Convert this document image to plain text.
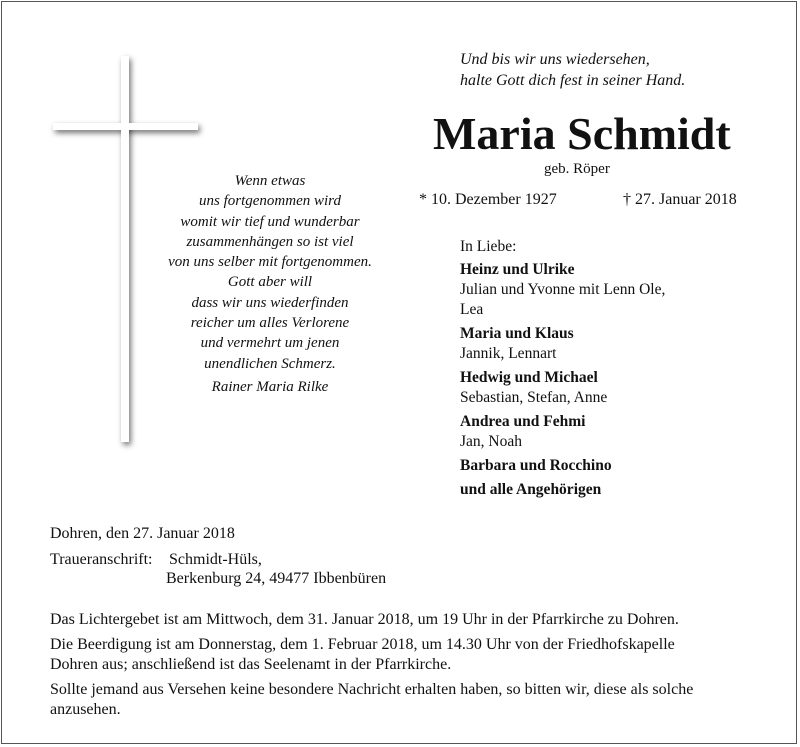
Wenn etwas
uns fortgenommen wird
womit wir tief und wunderbar
zusammenhängen so ist viel
von uns selber mit fortgenommen.
Gott aber will
dass wir uns wiederfinden
reicher um alles Verlorene
und vermehrt um jenen
unendlichen Schmerz.
Rainer Maria Rilke
Und bis wir uns wiedersehen,
halte Gott dich fest in seiner Hand.
Maria Schmidt
geb. Röper
* 10. Dezember 1927	† 27. Januar 2018
In Liebe:
Heinz und Ulrike
Julian und Yvonne mit Lenn Ole,
Lea
Maria und Klaus
Jannik, Lennart
Hedwig und Michael
Sebastian, Stefan, Anne
Andrea und Fehmi
Jan, Noah
Barbara und Rocchino
und alle Angehörigen
Dohren, den 27. Januar 2018
Traueranschrift: Schmidt-Hüls,
Berkenburg 24, 49477 Ibbenbüren

Das Lichtergebet ist am Mittwoch, dem 31. Januar 2018, um 19 Uhr in der Pfarrkirche zu Dohren.

Die Beerdigung ist am Donnerstag, dem 1. Februar 2018, um 14.30 Uhr von der Friedhofskapelle
Dohren aus; anschließend ist das Seelenamt in der Pfarrkirche.

Sollte jemand aus Versehen keine besondere Nachricht erhalten haben, so bitten wir, diese als solche
anzusehen.
